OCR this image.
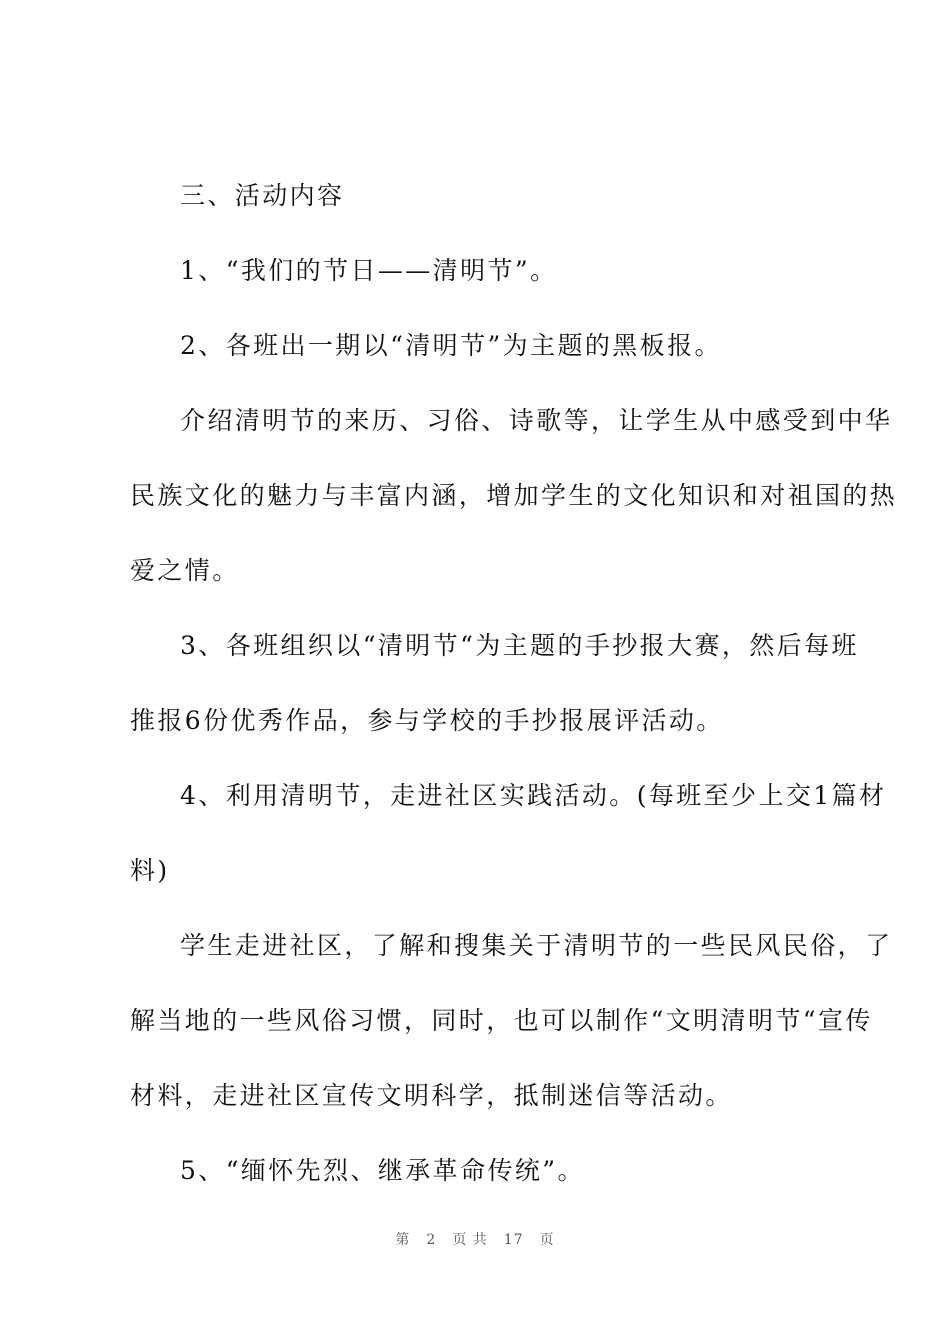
三、活动内容
1、“我们的节日——清明节”。
2、各班出一期以“清明节”为主题的黑板报。
介绍清明节的来历、习俗、诗歌等，让学生从中感受到中华
民族文化的魅力与丰富内涵，增加学生的文化知识和对祖国的热
爱之情。
3、各班组织以“清明节“为主题的手抄报大赛，然后每班
推报6份优秀作品，参与学校的手抄报展评活动。
4、利用清明节，走进社区实践活动。(每班至少上交1篇材
料)
学生走进社区，了解和搜集关于清明节的一些民风民俗，了
解当地的一些风俗习惯，同时，也可以制作“文明清明节“宣传
材料，走进社区宣传文明科学，抵制迷信等活动。
5、“缅怀先烈、继承革命传统”。
第 2 页 共 17 页
